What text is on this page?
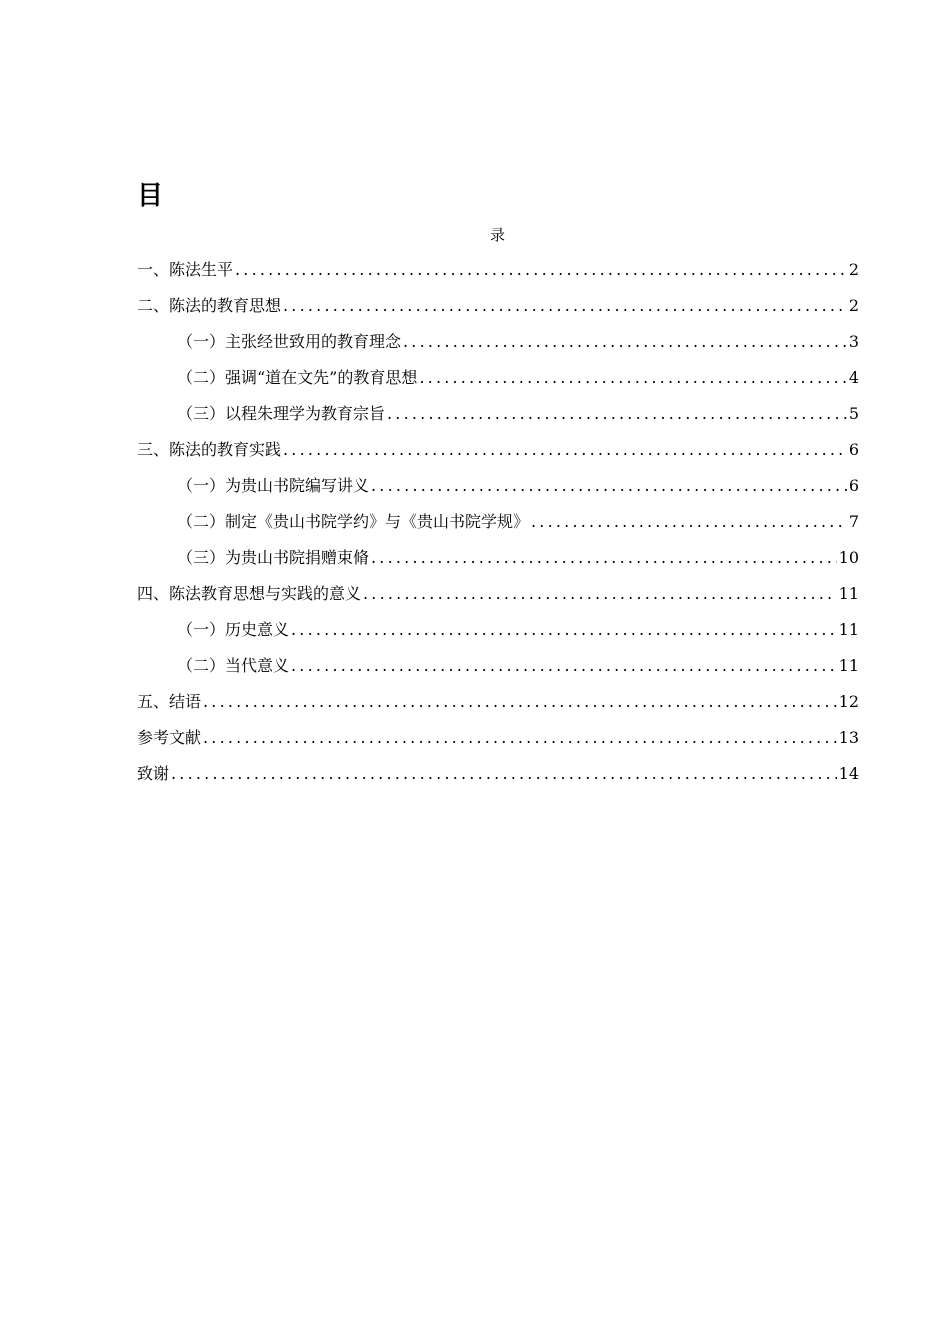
目
录
一、陈法生平 .....	2
二、陈法的教育思想 .....	2
（一）主张经世致用的教育理念 .....	3
（二）强调“道在文先”的教育思想 .....	4
（三）以程朱理学为教育宗旨 .....	5
三、陈法的教育实践 .....	6
（一）为贵山书院编写讲义 .....	6
（二）制定《贵山书院学约》与《贵山书院学规》 .....	7
（三）为贵山书院捐赠束脩 .....	10
四、陈法教育思想与实践的意义 .....	11
（一）历史意义 .....	11
（二）当代意义 .....	11
五、结语 .....	12
参考文献 .....	13
致谢 .....	14
